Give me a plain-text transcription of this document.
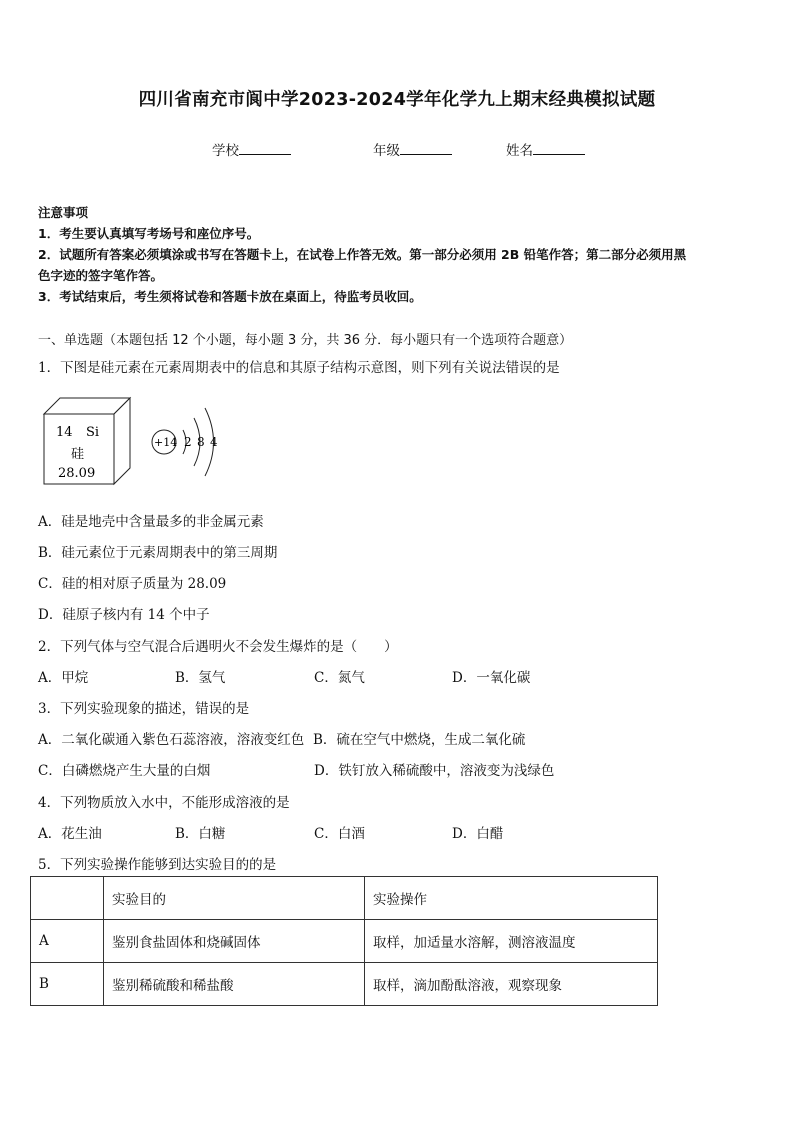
四川省南充市阆中学2023-2024学年化学九上期末经典模拟试题
学校	年级	姓名
注意事项
1．考生要认真填写考场号和座位序号。
2．试题所有答案必须填涂或书写在答题卡上，在试卷上作答无效。第一部分必须用 2B 铅笔作答；第二部分必须用黑
色字迹的签字笔作答。
3．考试结束后，考生须将试卷和答题卡放在桌面上，待监考员收回。
一、单选题（本题包括 12 个小题，每小题 3 分，共 36 分．每小题只有一个选项符合题意）
1．下图是硅元素在元素周期表中的信息和其原子结构示意图，则下列有关说法错误的是
14 Si
硅
28.09
+14 2 8 4
A．硅是地壳中含量最多的非金属元素
B．硅元素位于元素周期表中的第三周期
C．硅的相对原子质量为 28.09
D．硅原子核内有 14 个中子
2．下列气体与空气混合后遇明火不会发生爆炸的是（　　）
A．甲烷	B．氢气	C．氮气	D．一氧化碳
3．下列实验现象的描述，错误的是
A．二氧化碳通入紫色石蕊溶液，溶液变红色 B．硫在空气中燃烧，生成二氧化硫
C．白磷燃烧产生大量的白烟	D．铁钉放入稀硫酸中，溶液变为浅绿色
4．下列物质放入水中，不能形成溶液的是
A．花生油	B．白糖	C．白酒	D．白醋
5．下列实验操作能够到达实验目的的是
	实验目的	实验操作
A	鉴别食盐固体和烧碱固体	取样，加适量水溶解，测溶液温度
B	鉴别稀硫酸和稀盐酸	取样，滴加酚酞溶液，观察现象
